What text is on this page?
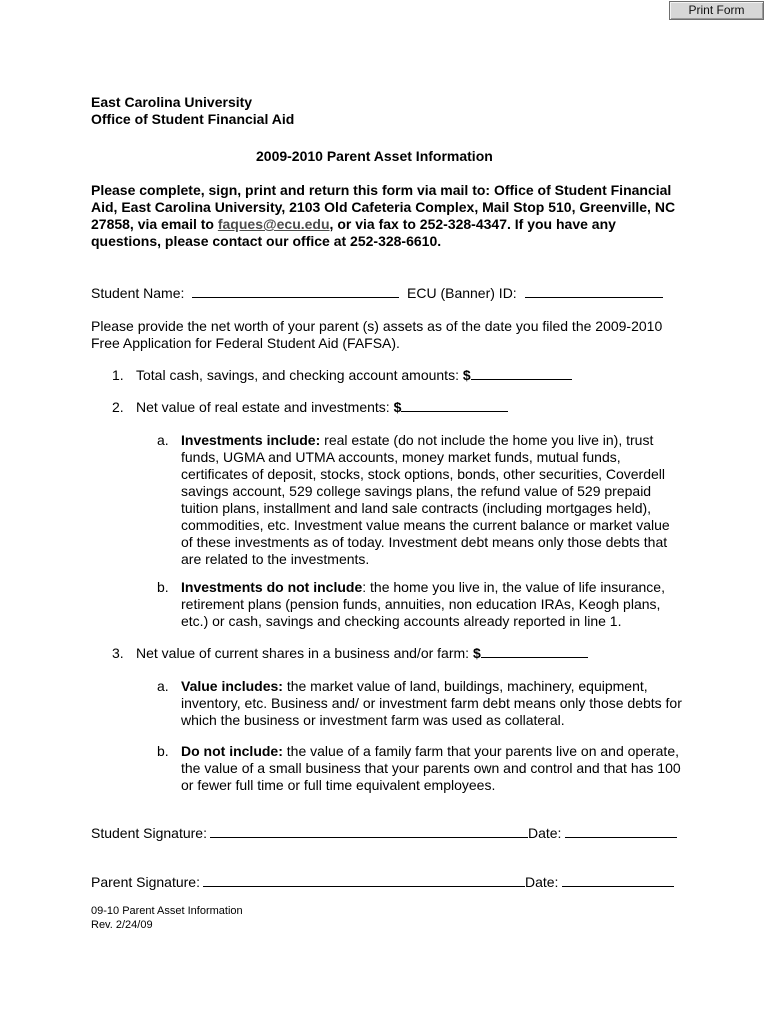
Print Form
East Carolina University
Office of Student Financial Aid
2009-2010 Parent Asset Information
Please complete, sign, print and return this form via mail to: Office of Student Financial
Aid, East Carolina University, 2103 Old Cafeteria Complex, Mail Stop 510, Greenville, NC
27858, via email to faques@ecu.edu, or via fax to 252-328-4347. If you have any
questions, please contact our office at 252-328-6610.
Student Name:	ECU (Banner) ID:
Please provide the net worth of your parent (s) assets as of the date you filed the 2009-2010
Free Application for Federal Student Aid (FAFSA).
1. Total cash, savings, and checking account amounts: $
2. Net value of real estate and investments: $
a. Investments include: real estate (do not include the home you live in), trust
funds, UGMA and UTMA accounts, money market funds, mutual funds,
certificates of deposit, stocks, stock options, bonds, other securities, Coverdell
savings account, 529 college savings plans, the refund value of 529 prepaid
tuition plans, installment and land sale contracts (including mortgages held),
commodities, etc. Investment value means the current balance or market value
of these investments as of today. Investment debt means only those debts that
are related to the investments.
b. Investments do not include: the home you live in, the value of life insurance,
retirement plans (pension funds, annuities, non education IRAs, Keogh plans,
etc.) or cash, savings and checking accounts already reported in line 1.
3. Net value of current shares in a business and/or farm: $
a. Value includes: the market value of land, buildings, machinery, equipment,
inventory, etc. Business and/ or investment farm debt means only those debts for
which the business or investment farm was used as collateral.
b. Do not include: the value of a family farm that your parents live on and operate,
the value of a small business that your parents own and control and that has 100
or fewer full time or full time equivalent employees.
Student Signature:	Date:
Parent Signature:	Date:
09-10 Parent Asset Information
Rev. 2/24/09
